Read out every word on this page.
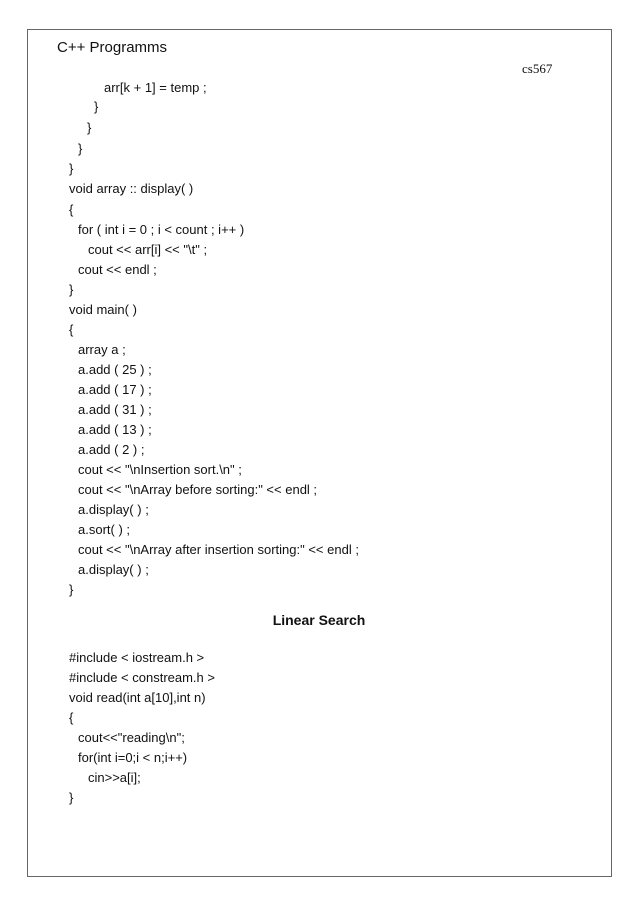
C++ Programms
cs567
arr[k + 1] = temp ;
}
}
}
}
void array :: display( )
{
for ( int i = 0 ; i < count ; i++ )
cout << arr[i] << "\t" ;
cout << endl ;
}
void main( )
{
array a ;
a.add ( 25 ) ;
a.add ( 17 ) ;
a.add ( 31 ) ;
a.add ( 13 ) ;
a.add ( 2 ) ;
cout << "\nInsertion sort.\n" ;
cout << "\nArray before sorting:" << endl ;
a.display( ) ;
a.sort( ) ;
cout << "\nArray after insertion sorting:" << endl ;
a.display( ) ;
}
Linear Search
#include < iostream.h >
#include < constream.h >
void read(int a[10],int n)
{
cout<<"reading\n";
for(int i=0;i < n;i++)
cin>>a[i];
}
